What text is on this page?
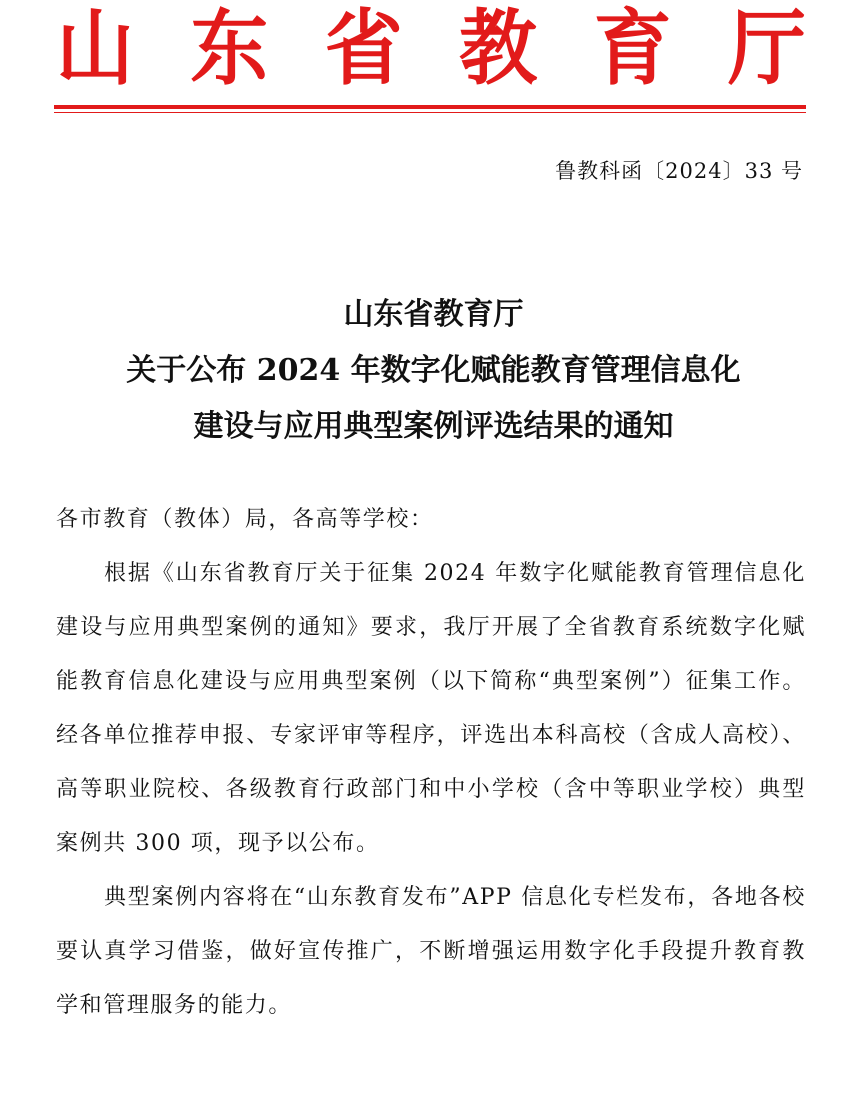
山 东 省 教 育 厅
鲁教科函〔2024〕33 号
山东省教育厅
关于公布 2024 年数字化赋能教育管理信息化
建设与应用典型案例评选结果的通知

各市教育（教体）局，各高等学校：

根据《山东省教育厅关于征集 2024 年数字化赋能教育管理信息化建设与应用典型案例的通知》要求，我厅开展了全省教育系统数字化赋能教育信息化建设与应用典型案例（以下简称“典型案例”）征集工作。经各单位推荐申报、专家评审等程序，评选出本科高校（含成人高校）、高等职业院校、各级教育行政部门和中小学校（含中等职业学校）典型案例共 300 项，现予以公布。

典型案例内容将在“山东教育发布”APP 信息化专栏发布，各地各校要认真学习借鉴，做好宣传推广，不断增强运用数字化手段提升教育教学和管理服务的能力。
